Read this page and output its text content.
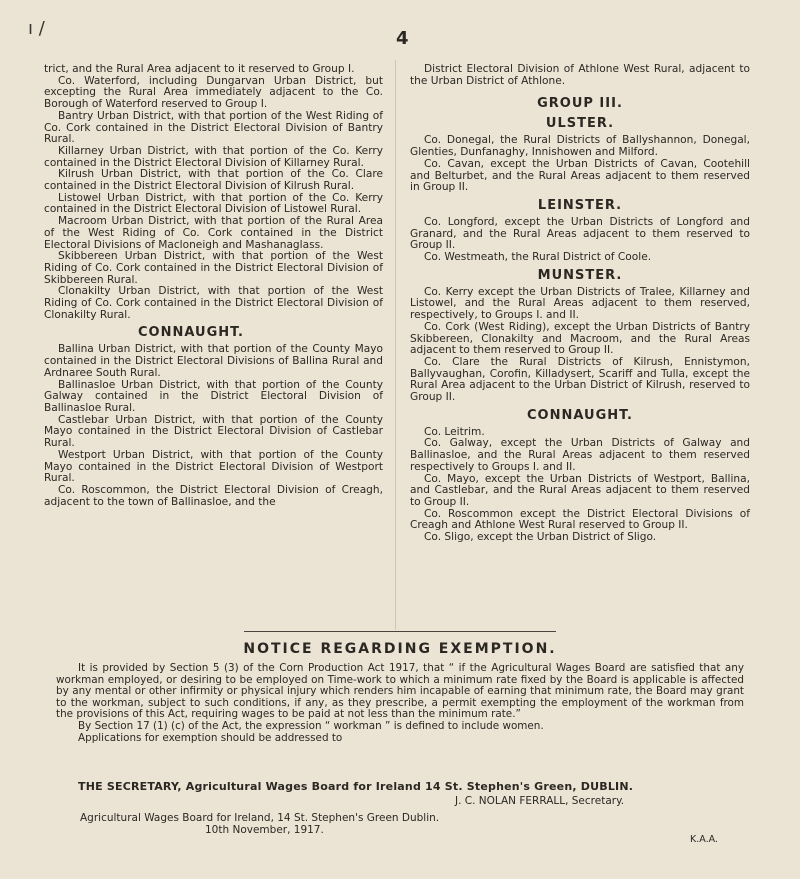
ı /	4

trict, and the Rural Area adjacent to it reserved to Group I.

Co. Waterford, including Dungarvan Urban District, but excepting the Rural Area immediately adjacent to the Co. Borough of Waterford reserved to Group I.

Bantry Urban District, with that portion of the West Riding of Co. Cork contained in the District Electoral Division of Bantry Rural.

Killarney Urban District, with that portion of the Co. Kerry contained in the District Electoral Division of Killarney Rural.

Kilrush Urban District, with that portion of the Co. Clare contained in the District Electoral Division of Kilrush Rural.

Listowel Urban District, with that portion of the Co. Kerry contained in the District Electoral Division of Listowel Rural.

Macroom Urban District, with that portion of the Rural Area of the West Riding of Co. Cork contained in the District Electoral Divisions of Macloneigh and Mashanaglass.

Skibbereen Urban District, with that portion of the West Riding of Co. Cork contained in the District Electoral Division of Skibbereen Rural.

Clonakilty Urban District, with that portion of the West Riding of Co. Cork contained in the District Electoral Division of Clonakilty Rural.

CONNAUGHT.

Ballina Urban District, with that portion of the County Mayo contained in the District Electoral Divisions of Ballina Rural and Ardnaree South Rural.

Ballinasloe Urban District, with that portion of the County Galway contained in the District Electoral Division of Ballinasloe Rural.

Castlebar Urban District, with that portion of the County Mayo contained in the District Electoral Division of Castlebar Rural.

Westport Urban District, with that portion of the County Mayo contained in the District Electoral Division of Westport Rural.

Co. Roscommon, the District Electoral Division of Creagh, adjacent to the town of Ballinasloe, and the

District Electoral Division of Athlone West Rural, adjacent to the Urban District of Athlone.

GROUP III.
ULSTER.

Co. Donegal, the Rural Districts of Ballyshannon, Donegal, Glenties, Dunfanaghy, Innishowen and Milford.

Co. Cavan, except the Urban Districts of Cavan, Cootehill and Belturbet, and the Rural Areas adjacent to them reserved in Group II.

LEINSTER.

Co. Longford, except the Urban Districts of Longford and Granard, and the Rural Areas adjacent to them reserved to Group II.

Co. Westmeath, the Rural District of Coole.

MUNSTER.

Co. Kerry except the Urban Districts of Tralee, Killarney and Listowel, and the Rural Areas adjacent to them reserved, respectively, to Groups I. and II.

Co. Cork (West Riding), except the Urban Districts of Bantry Skibbereen, Clonakilty and Macroom, and the Rural Areas adjacent to them reserved to Group II.

Co. Clare the Rural Districts of Kilrush, Ennistymon, Ballyvaughan, Corofin, Killadysert, Scariff and Tulla, except the Rural Area adjacent to the Urban District of Kilrush, reserved to Group II.

CONNAUGHT.

Co. Leitrim.

Co. Galway, except the Urban Districts of Galway and Ballinasloe, and the Rural Areas adjacent to them reserved respectively to Groups I. and II.

Co. Mayo, except the Urban Districts of Westport, Ballina, and Castlebar, and the Rural Areas adjacent to them reserved to Group II.

Co. Roscommon except the District Electoral Divisions of Creagh and Athlone West Rural reserved to Group II.

Co. Sligo, except the Urban District of Sligo.

NOTICE REGARDING EXEMPTION.

It is provided by Section 5 (3) of the Corn Production Act 1917, that “ if the Agricultural Wages Board are satisfied that any workman employed, or desiring to be employed on Time-work to which a minimum rate fixed by the Board is applicable is affected by any mental or other infirmity or physical injury which renders him incapable of earning that minimum rate, the Board may grant to the workman, subject to such conditions, if any, as they prescribe, a permit exempting the employment of the workman from the provisions of this Act, requiring wages to be paid at not less than the minimum rate.”

By Section 17 (1) (c) of the Act, the expression “ workman ” is defined to include women.

Applications for exemption should be addressed to

THE SECRETARY, Agricultural Wages Board for Ireland 14 St. Stephen's Green, DUBLIN.
J. C. NOLAN FERRALL, Secretary.
Agricultural Wages Board for Ireland, 14 St. Stephen's Green Dublin.
10th November, 1917.
K.A.A.
